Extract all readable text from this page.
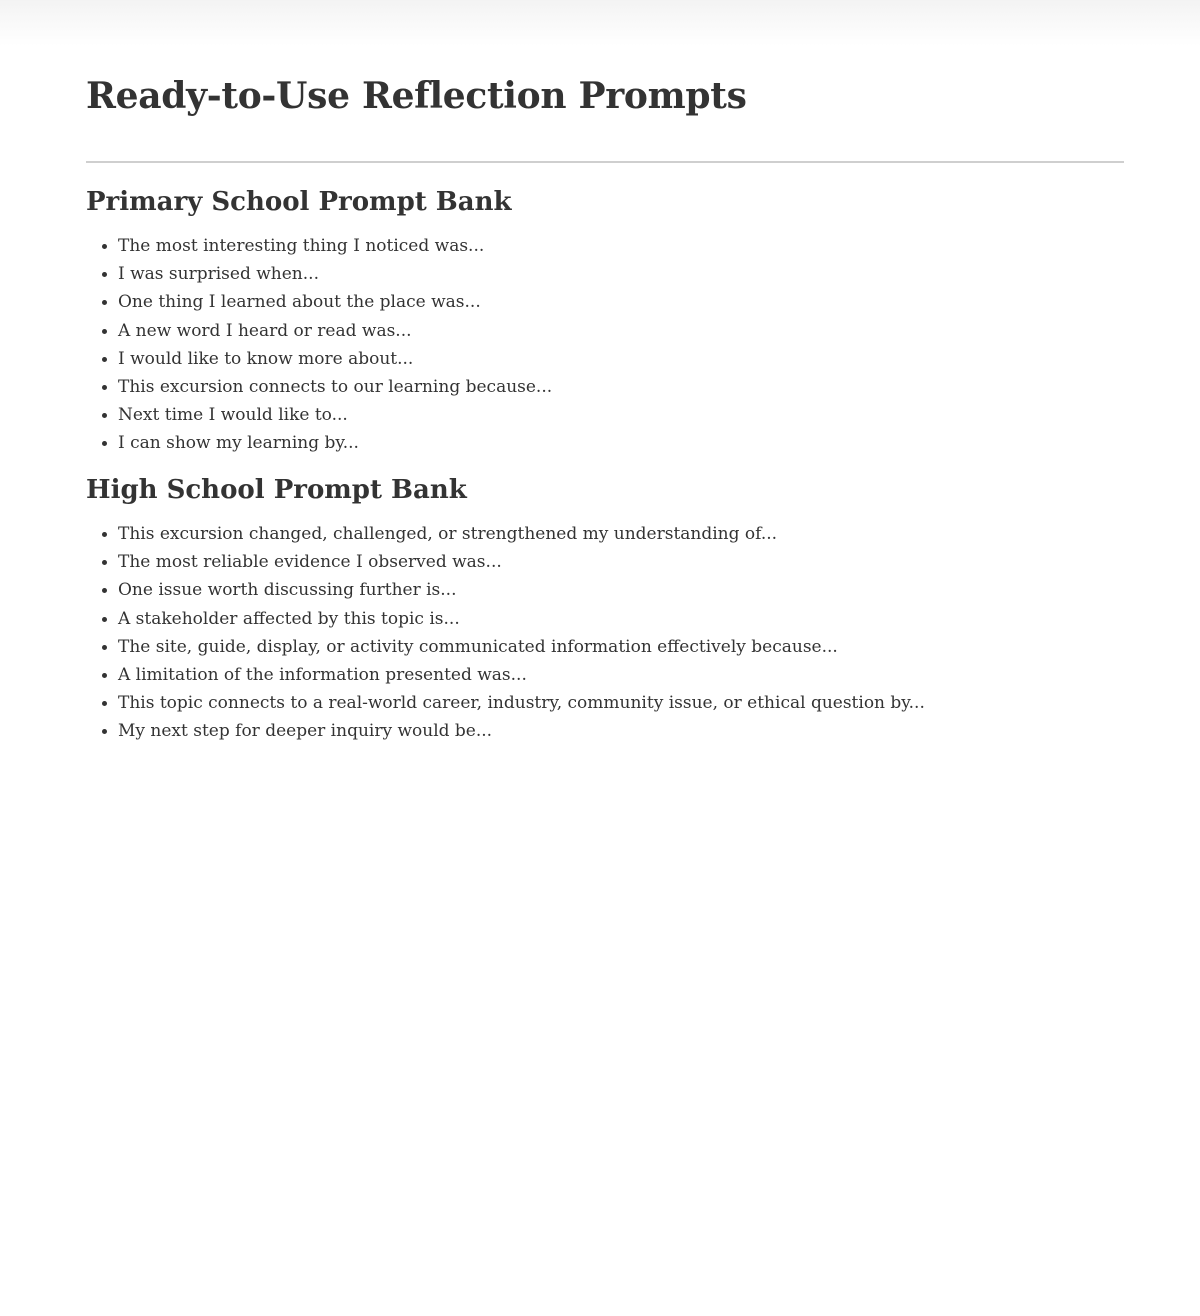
Ready-to-Use Reflection Prompts
Primary School Prompt Bank
• The most interesting thing I noticed was...
• I was surprised when...
• One thing I learned about the place was...
• A new word I heard or read was...
• I would like to know more about...
• This excursion connects to our learning because...
• Next time I would like to...
• I can show my learning by...
High School Prompt Bank
• This excursion changed, challenged, or strengthened my understanding of...
• The most reliable evidence I observed was...
• One issue worth discussing further is...
• A stakeholder affected by this topic is...
• The site, guide, display, or activity communicated information effectively because...
• A limitation of the information presented was...
• This topic connects to a real-world career, industry, community issue, or ethical question by...
• My next step for deeper inquiry would be...
